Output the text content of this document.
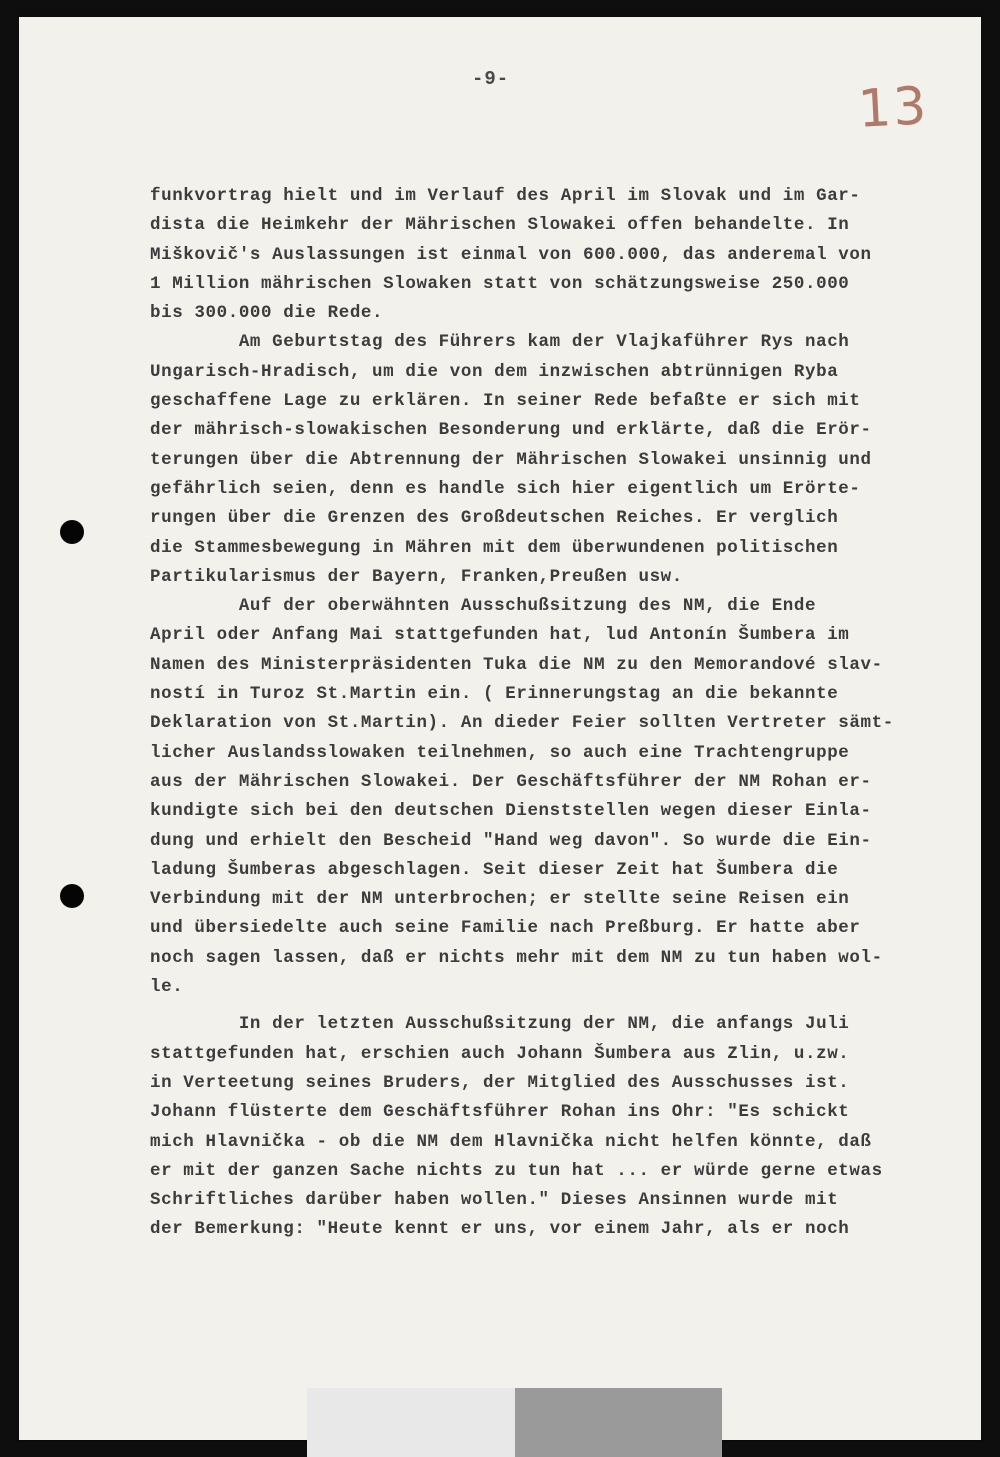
-9-	13
funkvortrag hielt und im Verlauf des April im Slovak und im Gar-
dista die Heimkehr der Mährischen Slowakei offen behandelte. In
Miškovič's Auslassungen ist einmal von 600.000, das anderemal von
1 Million mährischen Slowaken statt von schätzungsweise 250.000
bis 300.000 die Rede.
Am Geburtstag des Führers kam der Vlajkaführer Rys nach
Ungarisch-Hradisch, um die von dem inzwischen abtrünnigen Ryba
geschaffene Lage zu erklären. In seiner Rede befaßte er sich mit
der mährisch-slowakischen Besonderung und erklärte, daß die Erör-
terungen über die Abtrennung der Mährischen Slowakei unsinnig und
gefährlich seien, denn es handle sich hier eigentlich um Erörte-
rungen über die Grenzen des Großdeutschen Reiches. Er verglich
die Stammesbewegung in Mähren mit dem überwundenen politischen
Partikularismus der Bayern, Franken,Preußen usw.
Auf der oberwähnten Ausschußsitzung des NM, die Ende
April oder Anfang Mai stattgefunden hat, lud Antonín Šumbera im
Namen des Ministerpräsidenten Tuka die NM zu den Memorandové slav-
ností in Turoz St.Martin ein. ( Erinnerungstag an die bekannte
Deklaration von St.Martin). An dieder Feier sollten Vertreter sämt-
licher Auslandsslowaken teilnehmen, so auch eine Trachtengruppe
aus der Mährischen Slowakei. Der Geschäftsführer der NM Rohan er-
kundigte sich bei den deutschen Dienststellen wegen dieser Einla-
dung und erhielt den Bescheid "Hand weg davon". So wurde die Ein-
ladung Šumberas abgeschlagen. Seit dieser Zeit hat Šumbera die
Verbindung mit der NM unterbrochen; er stellte seine Reisen ein
und übersiedelte auch seine Familie nach Preßburg. Er hatte aber
noch sagen lassen, daß er nichts mehr mit dem NM zu tun haben wol-
le.
In der letzten Ausschußsitzung der NM, die anfangs Juli
stattgefunden hat, erschien auch Johann Šumbera aus Zlin, u.zw.
in Verteetung seines Bruders, der Mitglied des Ausschusses ist.
Johann flüsterte dem Geschäftsführer Rohan ins Ohr: "Es schickt
mich Hlavnička - ob die NM dem Hlavnička nicht helfen könnte, daß
er mit der ganzen Sache nichts zu tun hat ... er würde gerne etwas
Schriftliches darüber haben wollen." Dieses Ansinnen wurde mit
der Bemerkung: "Heute kennt er uns, vor einem Jahr, als er noch
